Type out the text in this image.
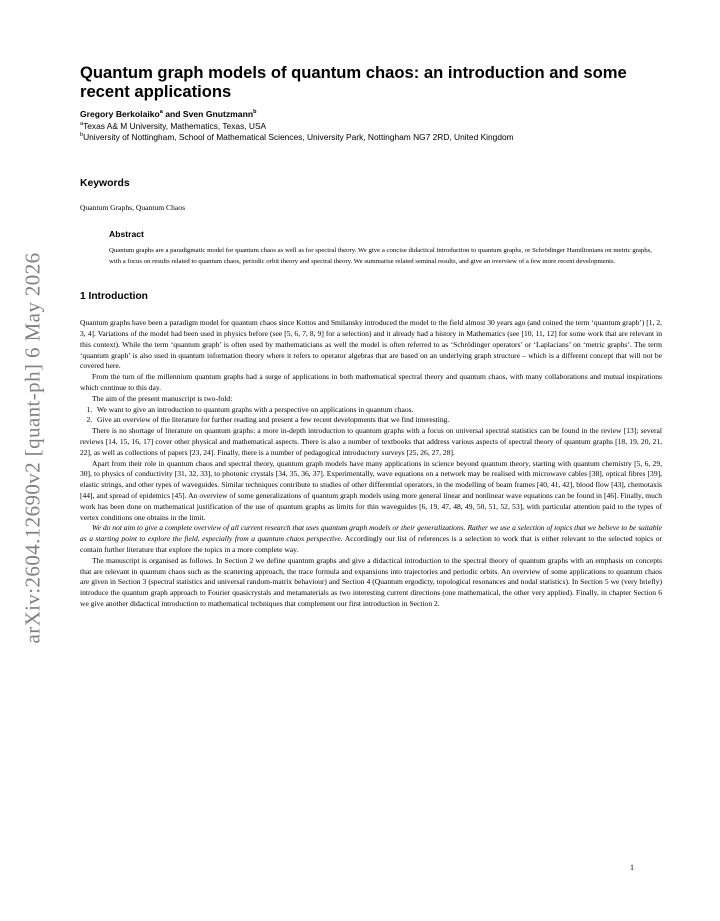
arXiv:2604.12690v2 [quant-ph] 6 May 2026
Quantum graph models of quantum chaos: an introduction and some recent applications
Gregory Berkolaiko$^a$ and Sven Gnutzmann$^b$
$^a$Texas A& M University, Mathematics, Texas, USA
$^b$University of Nottingham, School of Mathematical Sciences, University Park, Nottingham NG7 2RD, United Kingdom
Keywords
Quantum Graphs, Quantum Chaos
Abstract
Quantum graphs are a paradigmatic model for quantum chaos as well as for spectral theory. We give a concise didactical introduction to quantum graphs, or Schrödinger Hamiltonians on metric graphs, with a focus on results related to quantum chaos, periodic orbit theory and spectral theory. We summarise related seminal results, and give an overview of a few more recent developments.
1 Introduction

Quantum graphs have been a paradigm model for quantum chaos since Kottos and Smilansky introduced the model to the field almost 30 years ago (and coined the term ‘quantum graph’) [1, 2, 3, 4]. Variations of the model had been used in physics before (see [5, 6, 7, 8, 9] for a selection) and it already had a history in Mathematics (see [10, 11, 12] for some work that are relevant in this context). While the term ‘quantum graph’ is often used by mathematicians as well the model is often referred to as ‘Schrödinger operators’ or ‘Laplacians’ on ‘metric graphs’. The term ‘quantum graph’ is also used in quantum information theory where it refers to operator algebras that are based on an underlying graph structure – which is a different concept that will not be covered here.

From the turn of the millennium quantum graphs had a surge of applications in both mathematical spectral theory and quantum chaos, with many collaborations and mutual inspirations which continue to this day.

The aim of the present manuscript is two-fold:

1. We want to give an introduction to quantum graphs with a perspective on applications in quantum chaos.
2. Give an overview of the literature for further reading and present a few recent developments that we find interesting.

There is no shortage of literature on quantum graphs: a more in-depth introduction to quantum graphs with a focus on universal spectral statistics can be found in the review [13]; several reviews [14, 15, 16, 17] cover other physical and mathematical aspects. There is also a number of textbooks that address various aspects of spectral theory of quantum graphs [18, 19, 20, 21, 22], as well as collections of papers [23, 24]. Finally, there is a number of pedagogical introductory surveys [25, 26, 27, 28].

Apart from their role in quantum chaos and spectral theory, quantum graph models have many applications in science beyond quantum theory, starting with quantum chemistry [5, 6, 29, 30], to physics of conductivity [31, 32, 33], to photonic crystals [34, 35, 36, 37]. Experimentally, wave equations on a network may be realised with microwave cables [38], optical fibres [39], elastic strings, and other types of waveguides. Similar techniques contribute to studies of other differential operators, in the modelling of beam frames [40, 41, 42], blood flow [43], chemotaxis [44], and spread of epidemics [45]. An overview of some generalizations of quantum graph models using more general linear and nonlinear wave equations can be found in [46]. Finally, much work has been done on mathematical justification of the use of quantum graphs as limits for thin waveguides [6, 19, 47, 48, 49, 50, 51, 52, 53], with particular attention paid to the types of vertex conditions one obtains in the limit.

We do not aim to give a complete overview of all current research that uses quantum graph models or their generalizations. Rather we use a selection of topics that we believe to be suitable as a starting point to explore the field, especially from a quantum chaos perspective. Accordingly our list of references is a selection to work that is either relevant to the selected topics or contain further literature that explore the topics in a more complete way.

The manuscript is organised as follows. In Section 2 we define quantum graphs and give a didactical introduction to the spectral theory of quantum graphs with an emphasis on concepts that are relevant in quantum chaos such as the scattering approach, the trace formula and expansions into trajectories and periodic orbits. An overview of some applications to quantum chaos are given in Section 3 (spectral statistics and universal random-matrix behaviour) and Section 4 (Quantum ergodicty, topological resonances and nodal statistics). In Section 5 we (very briefly) introduce the quantum graph approach to Fourier quasicrystals and metamaterials as two interesting current directions (one mathematical, the other very applied). Finally, in chapter Section 6 we give another didactical introduction to mathematical techniques that complement our first introduction in Section 2.

1
